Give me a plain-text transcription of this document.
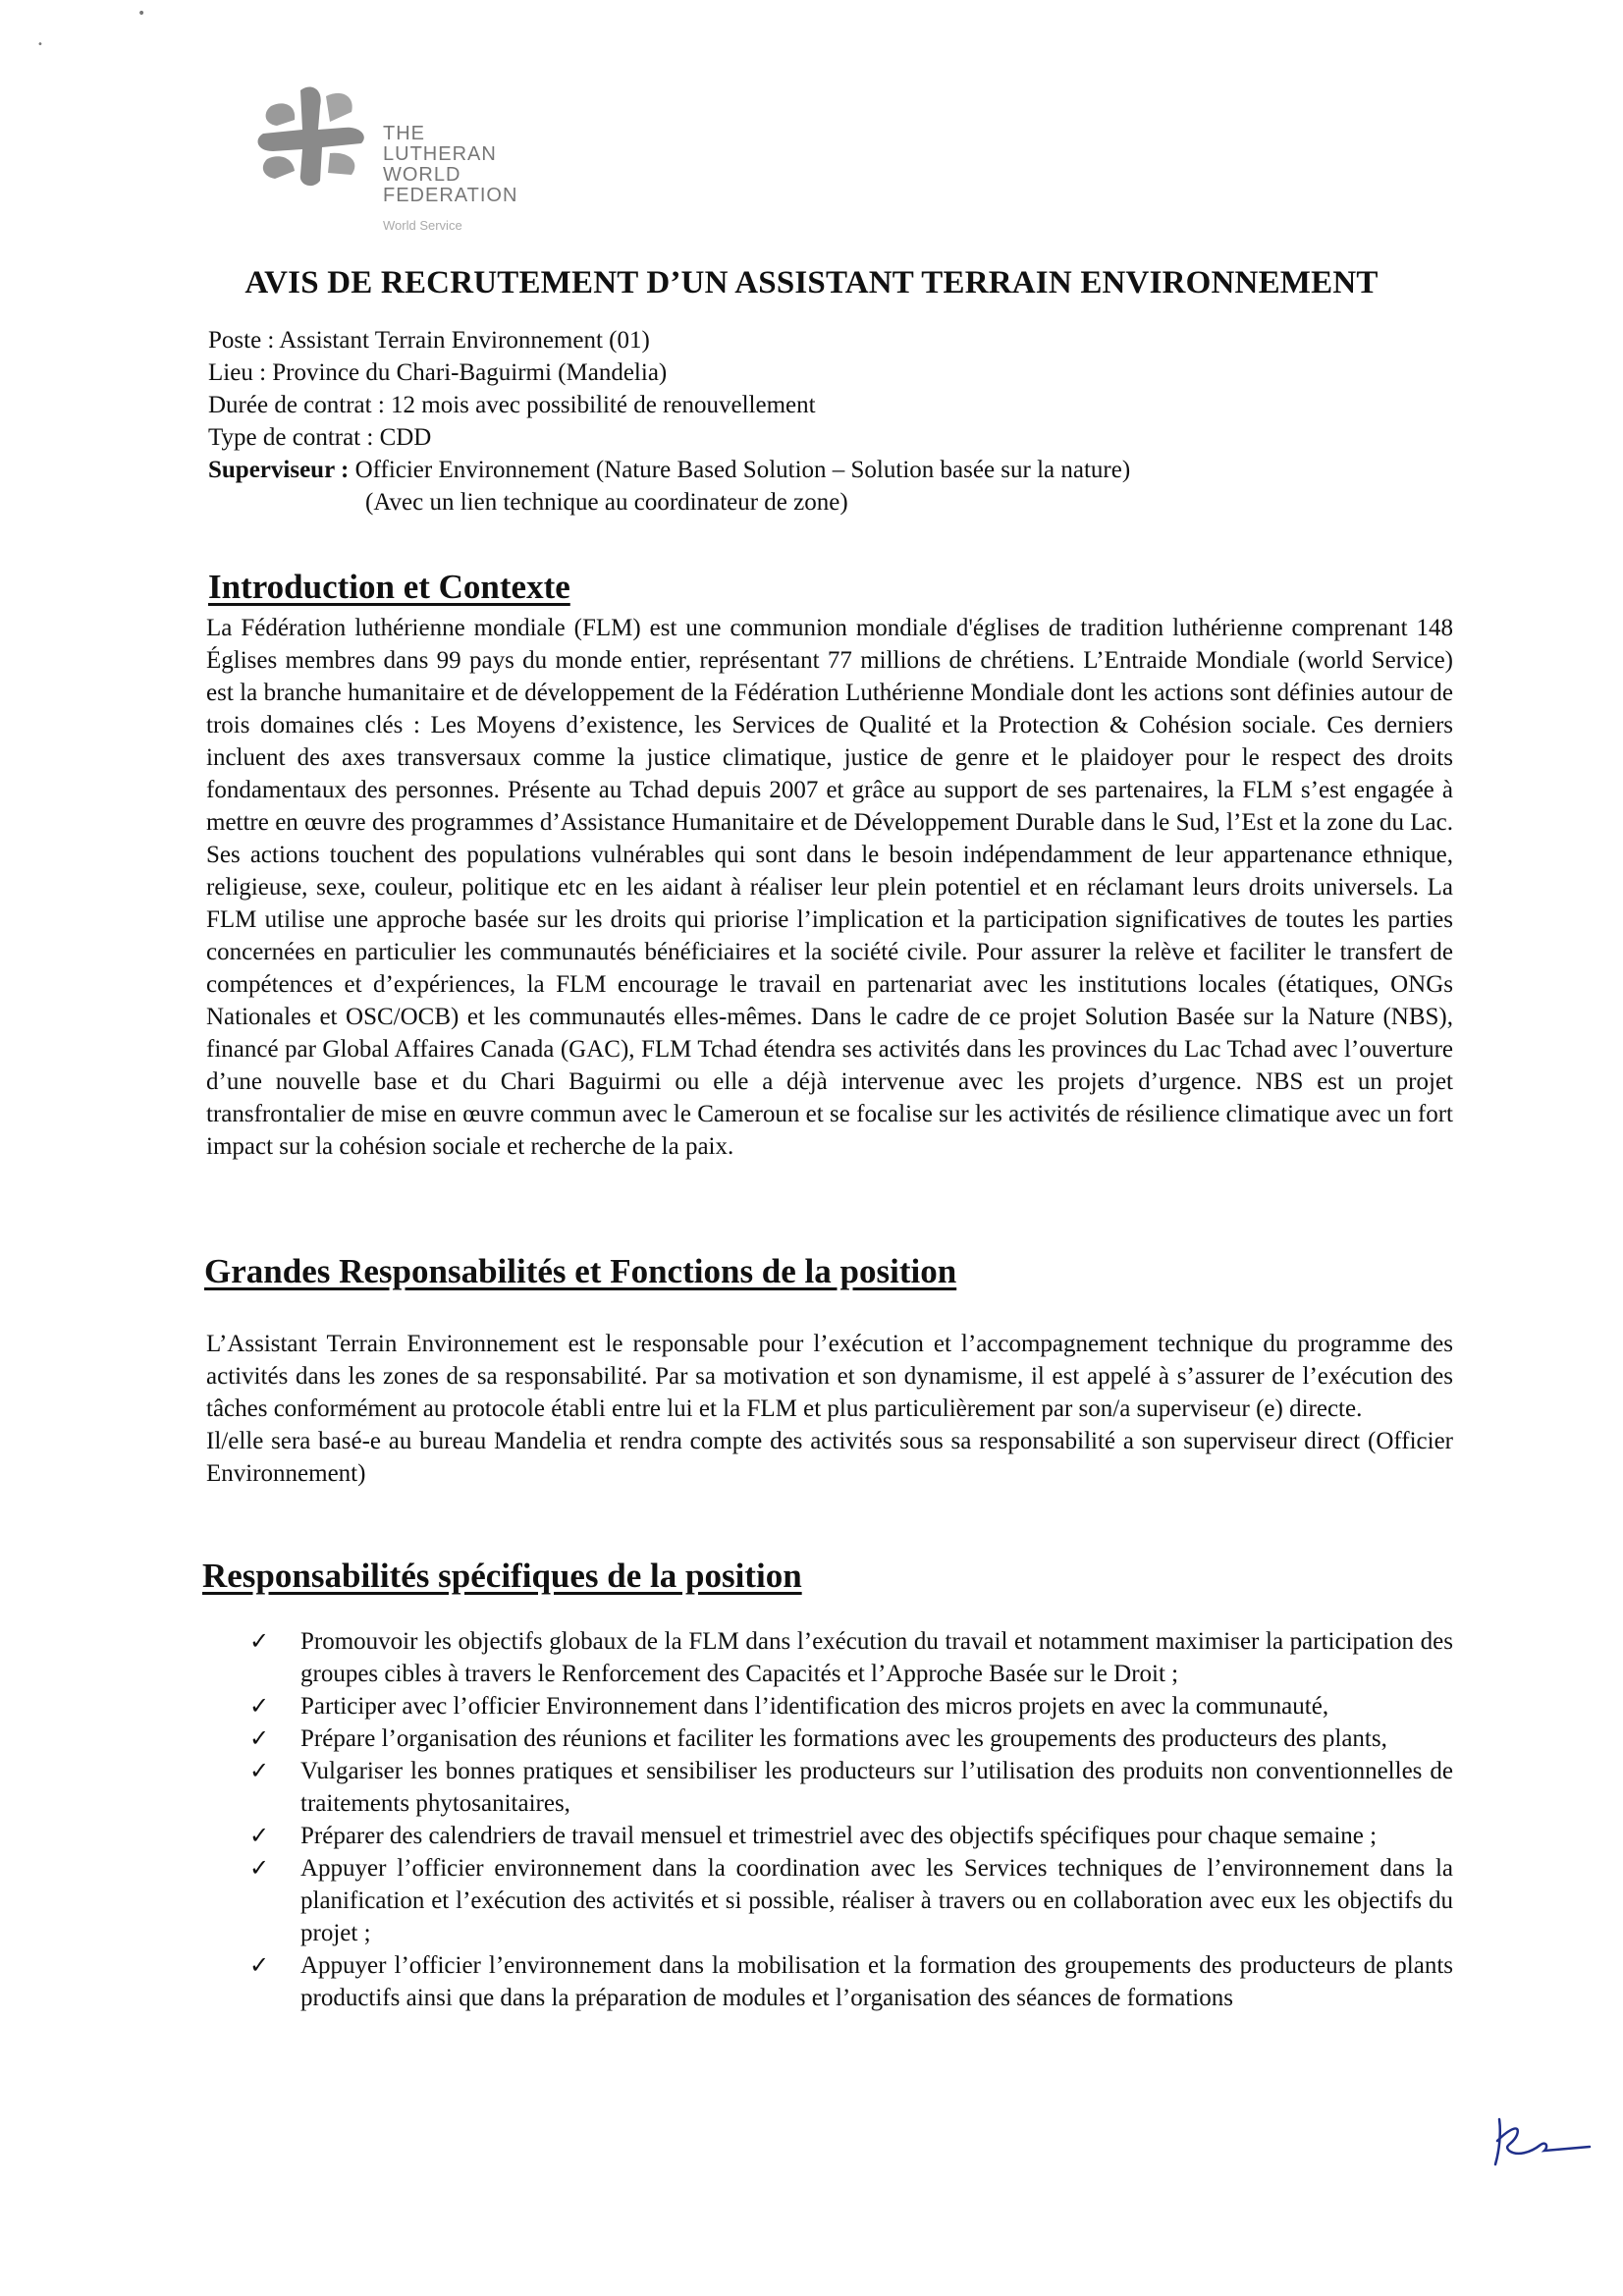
•
•
THE
LUTHERAN
WORLD
FEDERATION
World Service
AVIS DE RECRUTEMENT D’UN ASSISTANT TERRAIN ENVIRONNEMENT
Poste : Assistant Terrain Environnement (01)
Lieu : Province du Chari-Baguirmi (Mandelia)
Durée de contrat : 12 mois avec possibilité de renouvellement
Type de contrat : CDD
Superviseur : Officier Environnement (Nature Based Solution – Solution basée sur la nature)
(Avec un lien technique au coordinateur de zone)
Introduction et Contexte

La Fédération luthérienne mondiale (FLM) est une communion mondiale d'églises de tradition luthérienne comprenant 148 Églises membres dans 99 pays du monde entier, représentant 77 millions de chrétiens. L’Entraide Mondiale (world Service) est la branche humanitaire et de développement de la Fédération Luthérienne Mondiale dont les actions sont définies autour de trois domaines clés : Les Moyens d’existence, les Services de Qualité et la Protection & Cohésion sociale. Ces derniers incluent des axes transversaux comme la justice climatique, justice de genre et le plaidoyer pour le respect des droits fondamentaux des personnes. Présente au Tchad depuis 2007 et grâce au support de ses partenaires, la FLM s’est engagée à mettre en œuvre des programmes d’Assistance Humanitaire et de Développement Durable dans le Sud, l’Est et la zone du Lac. Ses actions touchent des populations vulnérables qui sont dans le besoin indépendamment de leur appartenance ethnique, religieuse, sexe, couleur, politique etc en les aidant à réaliser leur plein potentiel et en réclamant leurs droits universels. La FLM utilise une approche basée sur les droits qui priorise l’implication et la participation significatives de toutes les parties concernées en particulier les communautés bénéficiaires et la société civile. Pour assurer la relève et faciliter le transfert de compétences et d’expériences, la FLM encourage le travail en partenariat avec les institutions locales (étatiques, ONGs Nationales et OSC/OCB) et les communautés elles-mêmes. Dans le cadre de ce projet Solution Basée sur la Nature (NBS), financé par Global Affaires Canada (GAC), FLM Tchad étendra ses activités dans les provinces du Lac Tchad avec l’ouverture d’une nouvelle base et du Chari Baguirmi ou elle a déjà intervenue avec les projets d’urgence. NBS est un projet transfrontalier de mise en œuvre commun avec le Cameroun et se focalise sur les activités de résilience climatique avec un fort impact sur la cohésion sociale et recherche de la paix.

Grandes Responsabilités et Fonctions de la position

L’Assistant Terrain Environnement est le responsable pour l’exécution et l’accompagnement technique du programme des activités dans les zones de sa responsabilité. Par sa motivation et son dynamisme, il est appelé à s’assurer de l’exécution des tâches conformément au protocole établi entre lui et la FLM et plus particulièrement par son/a superviseur (e) directe.

Il/elle sera basé-e au bureau Mandelia et rendra compte des activités sous sa responsabilité a son superviseur direct (Officier Environnement)

Responsabilités spécifiques de la position
✓ Promouvoir les objectifs globaux de la FLM dans l’exécution du travail et notamment maximiser la participation des groupes cibles à travers le Renforcement des Capacités et l’Approche Basée sur le Droit ;
✓ Participer avec l’officier Environnement dans l’identification des micros projets en avec la communauté,
✓ Prépare l’organisation des réunions et faciliter les formations avec les groupements des producteurs des plants,
✓ Vulgariser les bonnes pratiques et sensibiliser les producteurs sur l’utilisation des produits non conventionnelles de traitements phytosanitaires,
✓ Préparer des calendriers de travail mensuel et trimestriel avec des objectifs spécifiques pour chaque semaine ;
✓ Appuyer l’officier environnement dans la coordination avec les Services techniques de l’environnement dans la planification et l’exécution des activités et si possible, réaliser à travers ou en collaboration avec eux les objectifs du projet ;
✓ Appuyer l’officier l’environnement dans la mobilisation et la formation des groupements des producteurs de plants productifs ainsi que dans la préparation de modules et l’organisation des séances de formations
